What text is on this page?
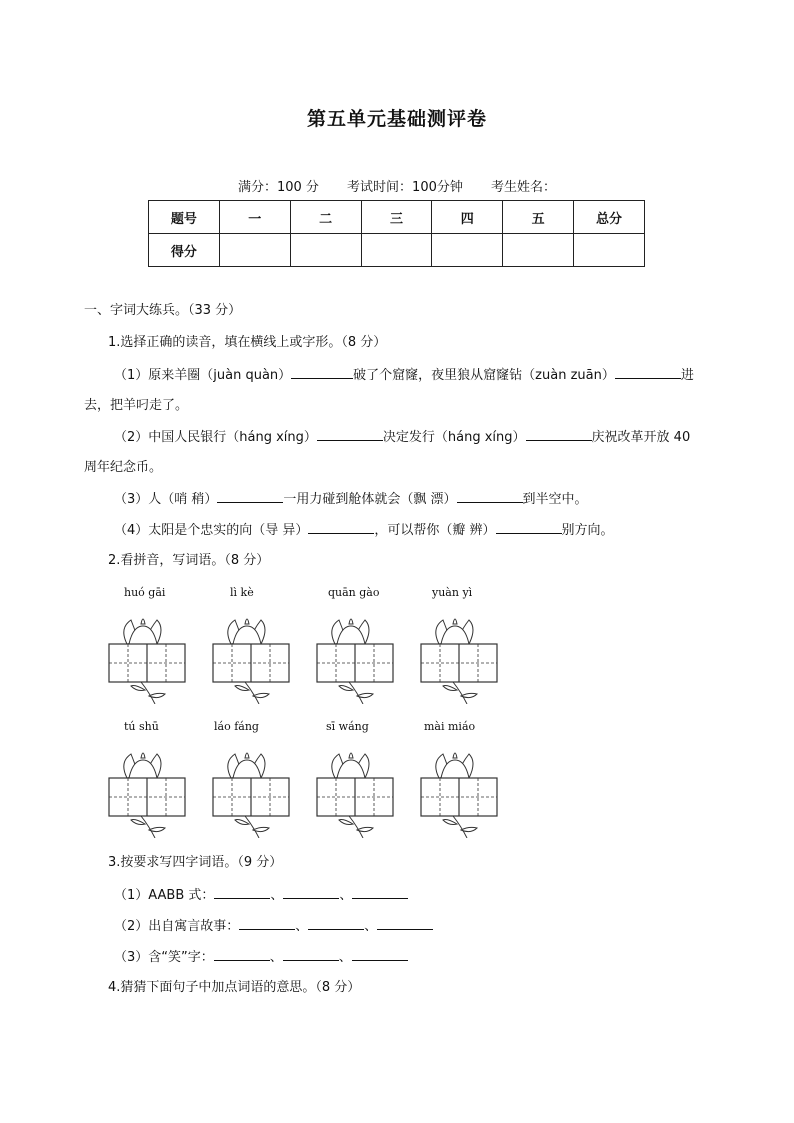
第五单元基础测评卷
满分：100 分 考试时间：100分钟 考生姓名：
题号	一	二	三	四	五	总分
得分						
一、字词大练兵。（33 分）
1.选择正确的读音，填在横线上或字形。（8 分）
（1）原来羊圈（juàn quàn）	破了个窟窿，夜里狼从窟窿钻（zuàn zuān）	进
去，把羊叼走了。
（2）中国人民银行（háng xíng）	决定发行（háng xíng）	庆祝改革开放 40
周年纪念币。
（3）人（哨 稍）	一用力碰到舱体就会（飘 漂）	到半空中。
（4）太阳是个忠实的向（导 异）	，可以帮你（瓣 辨）	别方向。
2.看拼音，写词语。（8 分）
huó gāi	lì kè	quān gào	yuàn yì
tú shū	láo fáng	sī wáng	mài miáo
3.按要求写四字词语。（9 分）
（1）AABB 式：	、	、
（2）出自寓言故事：	、	、
（3）含“笑”字：	、	、
4.猜猜下面句子中加点词语的意思。（8 分）
